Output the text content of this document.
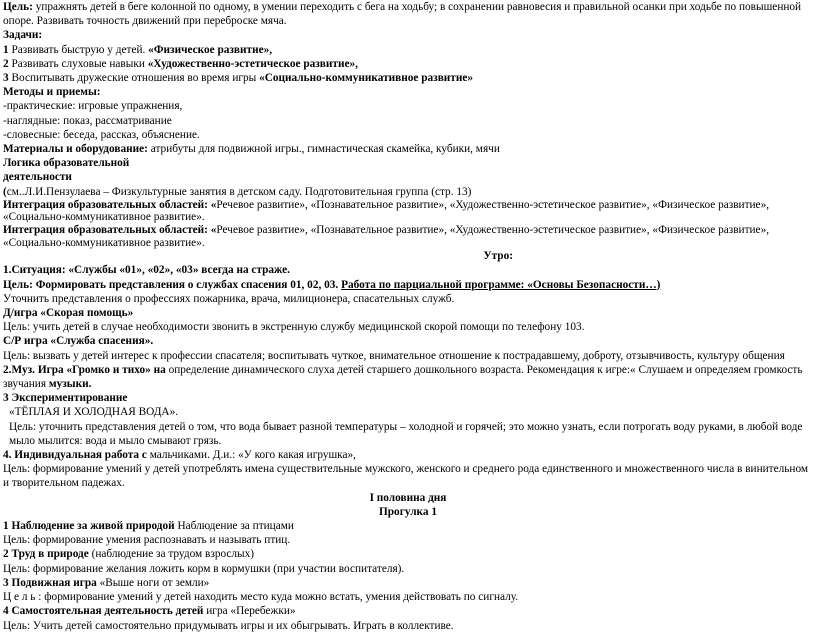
Цель: упражнять детей в беге колонной по одному, в умении переходить с бега на ходьбу; в сохранении равновесия и правильной осанки при ходьбе по повышенной опоре. Развивать точность движений при переброске мяча.

Задачи:

1 Развивать быструю у детей. «Физическое развитие»,

2 Развивать слуховые навыки «Художественно-эстетическое развитие»,

3 Воспитывать дружеские отношения во время игры «Социально-коммуникативное развитие»

Методы и приемы:

-практические: игровые упражнения,

-наглядные: показ, рассматривание

-словесные: беседа, рассказ, объяснение.

Материалы и оборудование: атрибуты для подвижной игры., гимнастическая скамейка, кубики, мячи

Логика образовательной

деятельности

(см..Л.И.Пензулаева – Физкультурные занятия в детском саду. Подготовительная группа (стр. 13)

Интеграция образовательных областей: «Речевое развитие», «Познавательное развитие», «Художественно-эстетическое развитие», «Физическое развитие», «Социально-коммуникативное развитие».

Интеграция образовательных областей: «Речевое развитие», «Познавательное развитие», «Художественно-эстетическое развитие», «Физическое развитие», «Социально-коммуникативное развитие».

Утро:

1.Ситуация: «Службы «01», «02», «03» всегда на страже.

Цель: Формировать представления о службах спасения 01, 02, 03. Работа по парциальной программе: «Основы Безопасности…)

Уточнить представления о профессиях пожарника, врача, милиционера, спасательных служб.

Д/игра «Скорая помощь»

Цель: учить детей в случае необходимости звонить в экстренную службу медицинской скорой помощи по телефону 103.

С/Р игра «Служба спасения».

Цель: вызвать у детей интерес к профессии спасателя; воспитывать чуткое, внимательное отношение к пострадавшему, доброту, отзывчивость, культуру общения

2.Муз. Игра «Громко и тихо» на определение динамического слуха детей старшего дошкольного возраста. Рекомендация к игре:« Слушаем и определяем громкость звучания музыки.

3 Экспериментирование

«ТЁПЛАЯ И ХОЛОДНАЯ ВОДА».

Цель: уточнить представления детей о том, что вода бывает разной температуры – холодной и горячей; это можно узнать, если потрогать воду руками, в любой воде мыло мылится: вода и мыло смывают грязь.

4. Индивидуальная работа с мальчиками. Д.и.: «У кого какая игрушка»,

Цель: формирование умений у детей употреблять имена существительные мужского, женского и среднего рода единственного и множественного числа в винительном и творительном падежах.

I половина дня

Прогулка 1

1 Наблюдение за живой природой Наблюдение за птицами

Цель: формирование умения распознавать и называть птиц.

2 Труд в природе (наблюдение за трудом взрослых)

Цель: формирование желания ложить корм в кормушки (при участии воспитателя).

3 Подвижная игра «Выше ноги от земли»

Ц е л ь : формирование умений у детей находить место куда можно встать, умения действовать по сигналу.

4 Самостоятельная деятельность детей игра «Перебежки»

Цель: Учить детей самостоятельно придумывать игры и их обыгрывать. Играть в коллективе.
